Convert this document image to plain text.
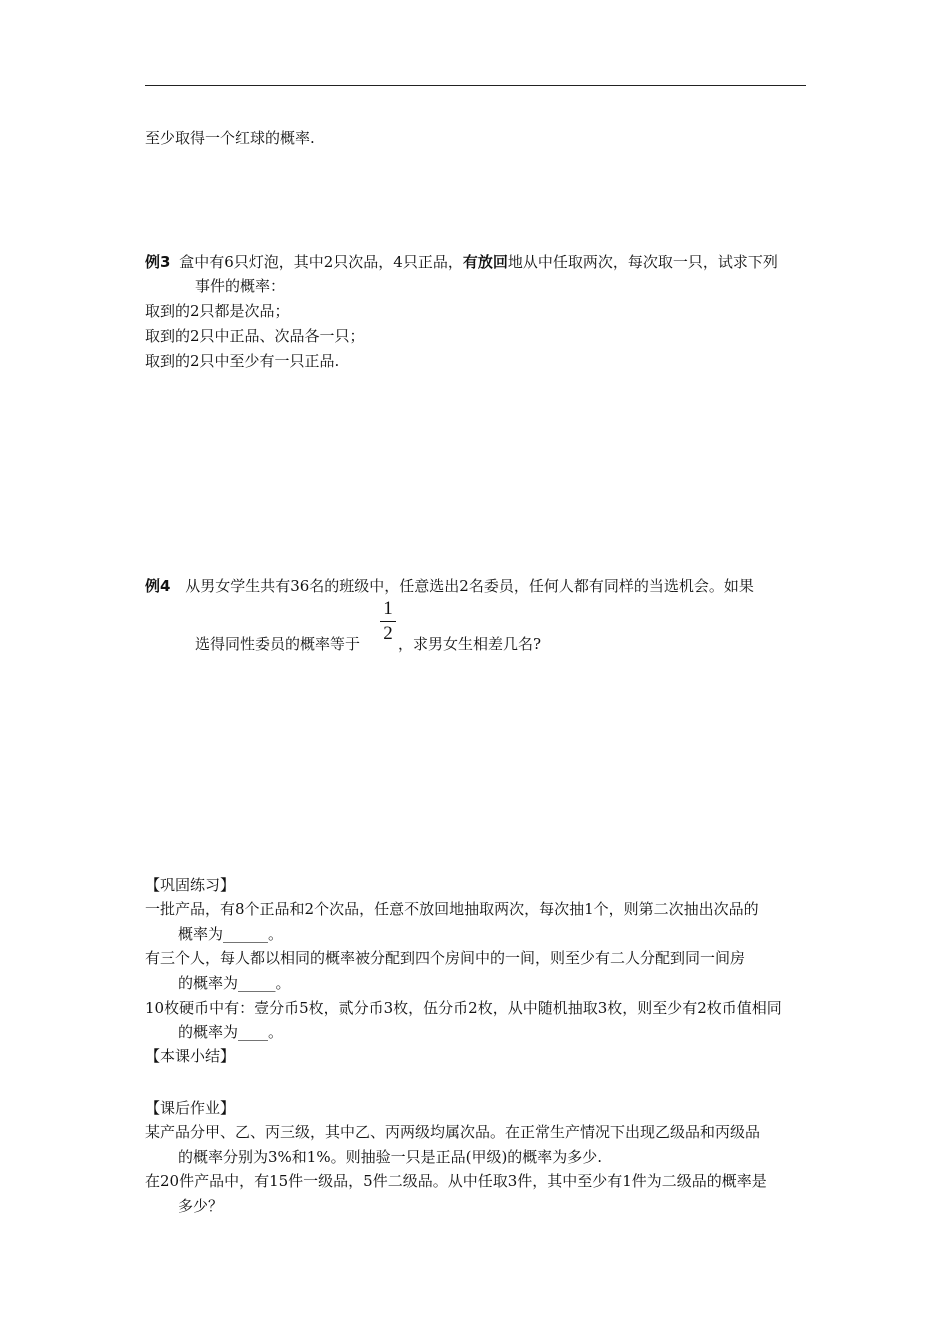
至少取得一个红球的概率.
例3 盒中有6只灯泡，其中2只次品，4只正品，有放回地从中任取两次，每次取一只，试求下列
事件的概率：
取到的2只都是次品；
取到的2只中正品、次品各一只；
取到的2只中至少有一只正品.
例4 从男女学生共有36名的班级中，任意选出2名委员，任何人都有同样的当选机会。如果
选得同性委员的概率等于
1
2 ，求男女生相差几名?
【巩固练习】
一批产品，有8个正品和2个次品，任意不放回地抽取两次，每次抽1个，则第二次抽出次品的
概率为______。
有三个人，每人都以相同的概率被分配到四个房间中的一间，则至少有二人分配到同一间房
的概率为_____。
10枚硬币中有：壹分币5枚，贰分币3枚，伍分币2枚，从中随机抽取3枚，则至少有2枚币值相同
的概率为____。
【本课小结】
【课后作业】
某产品分甲、乙、丙三级，其中乙、丙两级均属次品。在正常生产情况下出现乙级品和丙级品
的概率分别为3%和1%。则抽验一只是正品(甲级)的概率为多少.
在20件产品中，有15件一级品，5件二级品。从中任取3件，其中至少有1件为二级品的概率是
多少？
